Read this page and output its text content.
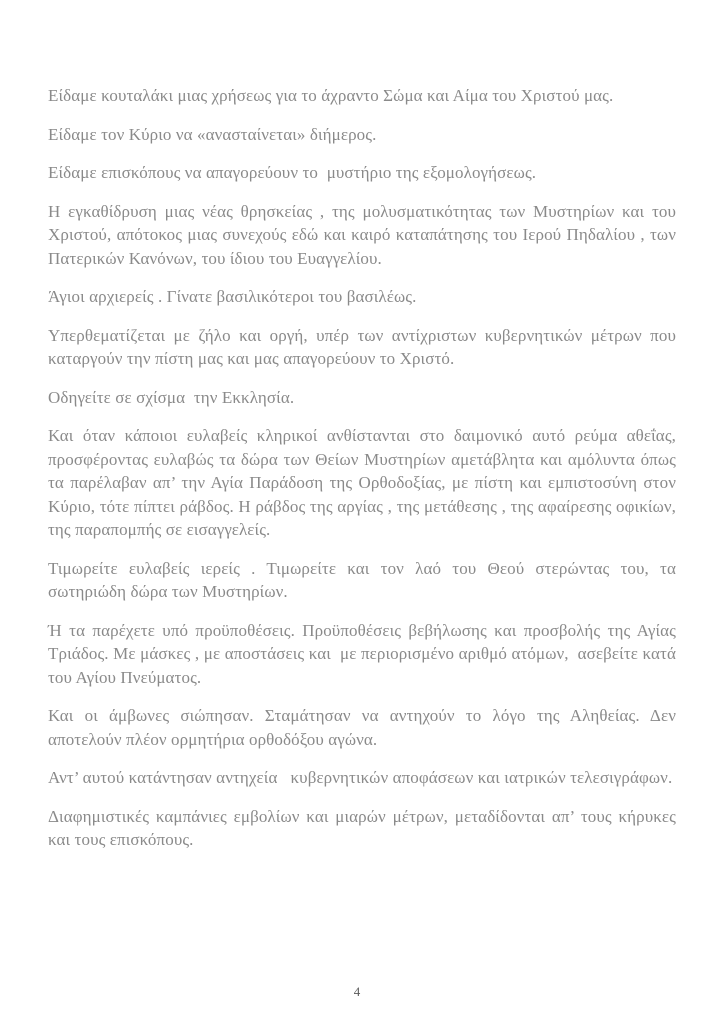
Είδαμε κουταλάκι μιας χρήσεως για το άχραντο Σώμα και Αίμα του Χριστού μας.

Είδαμε τον Κύριο να «ανασταίνεται» διήμερος.

Είδαμε επισκόπους να απαγορεύουν το  μυστήριο της εξομολογήσεως.

Η εγκαθίδρυση μιας νέας θρησκείας , της μολυσματικότητας των Μυστηρίων και του Χριστού, απότοκος μιας συνεχούς εδώ και καιρό καταπάτησης του Ιερού Πηδαλίου , των Πατερικών Κανόνων, του ίδιου του Ευαγγελίου.

Άγιοι αρχιερείς . Γίνατε βασιλικότεροι του βασιλέως.

Υπερθεματίζεται με ζήλο και οργή, υπέρ των αντίχριστων κυβερνητικών μέτρων που καταργούν την πίστη μας και μας απαγορεύουν το Χριστό.

Οδηγείτε σε σχίσμα  την Εκκλησία.

Και όταν κάποιοι ευλαβείς κληρικοί ανθίστανται στο δαιμονικό αυτό ρεύμα αθεΐας,  προσφέροντας ευλαβώς τα δώρα των Θείων Μυστηρίων αμετάβλητα και αμόλυντα όπως τα παρέλαβαν απ’ την Αγία Παράδοση της Ορθοδοξίας, με πίστη και εμπιστοσύνη στον Κύριο, τότε πίπτει ράβδος. Η ράβδος της αργίας , της μετάθεσης , της αφαίρεσης οφικίων, της παραπομπής σε εισαγγελείς.

Τιμωρείτε ευλαβείς ιερείς . Τιμωρείτε και τον λαό του Θεού στερώντας του, τα σωτηριώδη δώρα των Μυστηρίων.

Ή τα παρέχετε υπό προϋποθέσεις. Προϋποθέσεις βεβήλωσης και προσβολής της Αγίας Τριάδος. Με μάσκες , με αποστάσεις και  με περιορισμένο αριθμό ατόμων,  ασεβείτε κατά του Αγίου Πνεύματος.

Και οι άμβωνες σιώπησαν. Σταμάτησαν να αντηχούν το λόγο της Αληθείας. Δεν αποτελούν πλέον ορμητήρια ορθοδόξου αγώνα.

Αντ’ αυτού κατάντησαν αντηχεία   κυβερνητικών αποφάσεων και ιατρικών τελεσιγράφων.

Διαφημιστικές καμπάνιες εμβολίων και μιαρών μέτρων, μεταδίδονται απ’ τους κήρυκες και τους επισκόπους.

4
